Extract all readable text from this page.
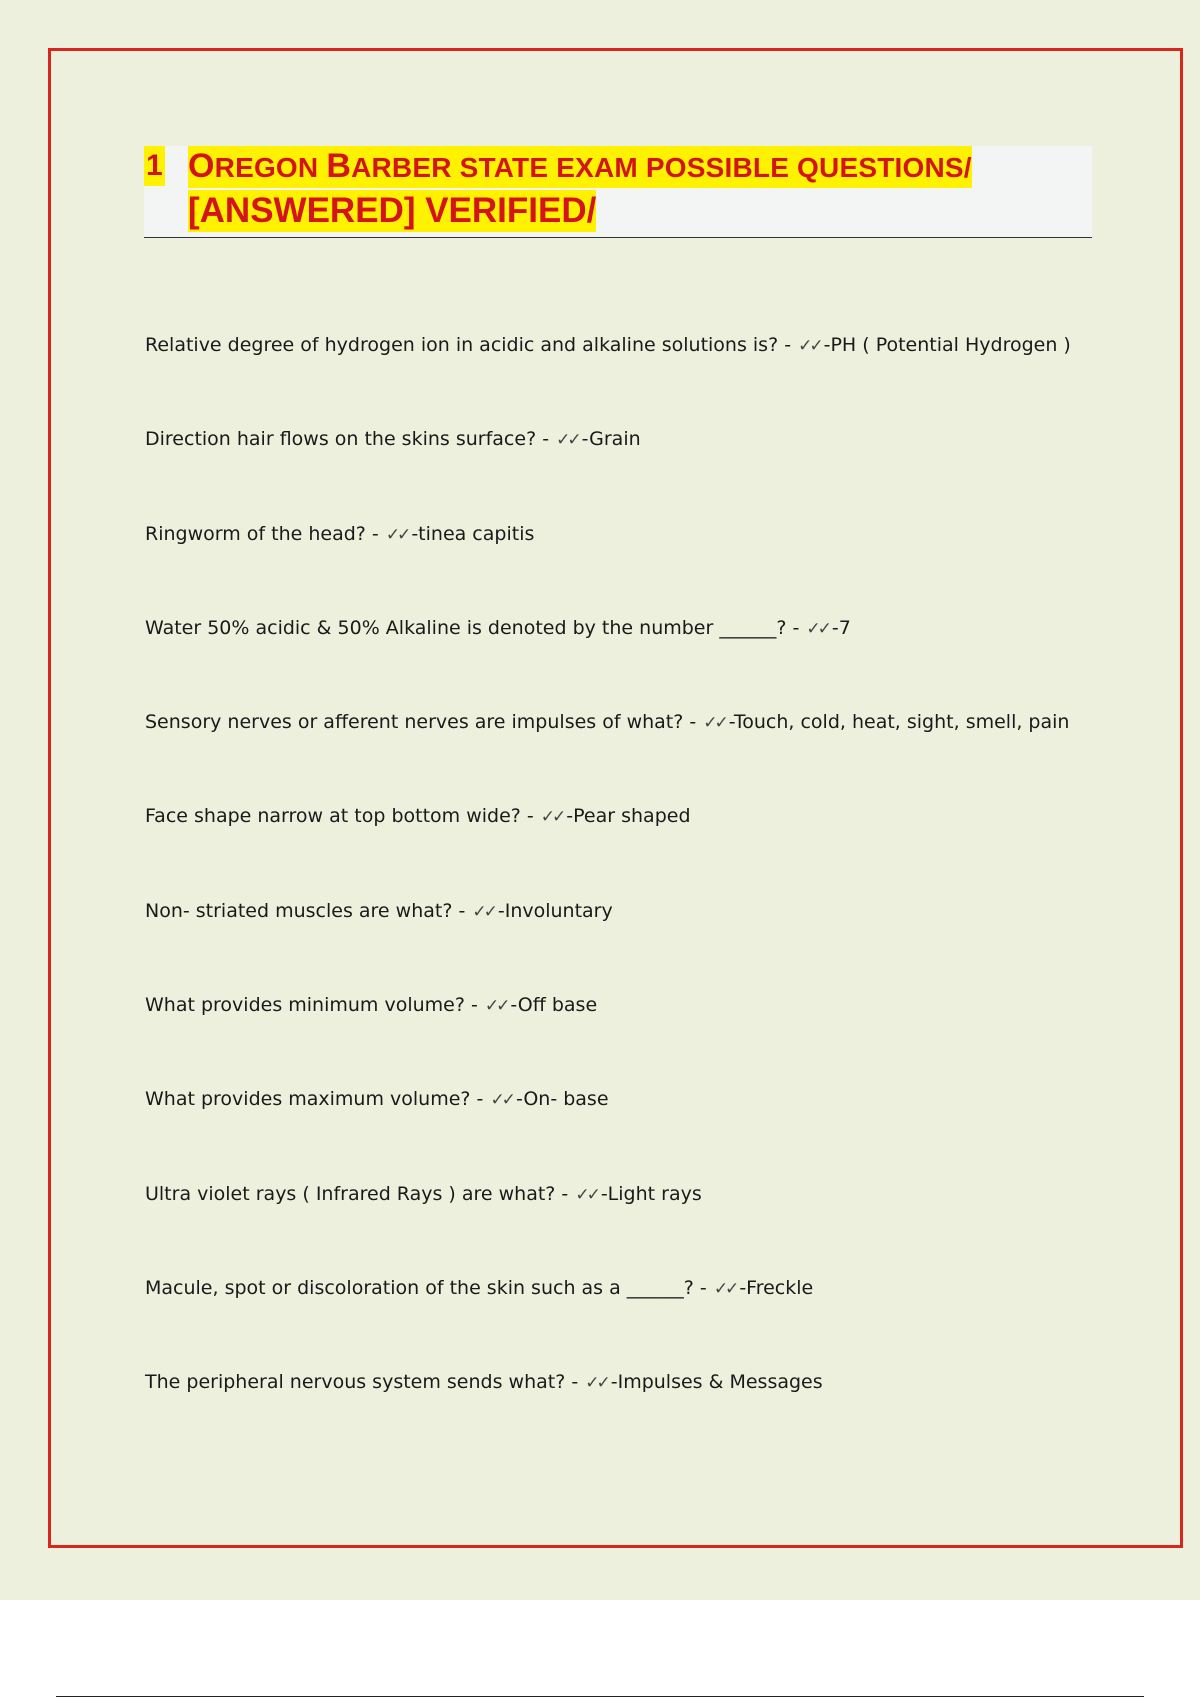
1 OREGON BARBER STATE EXAM POSSIBLE QUESTIONS/
[ANSWERED] VERIFIED/
Relative degree of hydrogen ion in acidic and alkaline solutions is? - ✓✓ -PH ( Potential Hydrogen )
Direction hair flows on the skins surface? - ✓✓ -Grain
Ringworm of the head? - ✓✓ -tinea capitis
Water 50% acidic & 50% Alkaline is denoted by the number ______? - ✓✓ -7
Sensory nerves or afferent nerves are impulses of what? - ✓✓ -Touch, cold, heat, sight, smell, pain
Face shape narrow at top bottom wide? - ✓✓ -Pear shaped
Non- striated muscles are what? - ✓✓ -Involuntary
What provides minimum volume? - ✓✓ -Off base
What provides maximum volume? - ✓✓ -On- base
Ultra violet rays ( Infrared Rays ) are what? - ✓✓ -Light rays
Macule, spot or discoloration of the skin such as a ______? - ✓✓ -Freckle
The peripheral nervous system sends what? - ✓✓ -Impulses & Messages
